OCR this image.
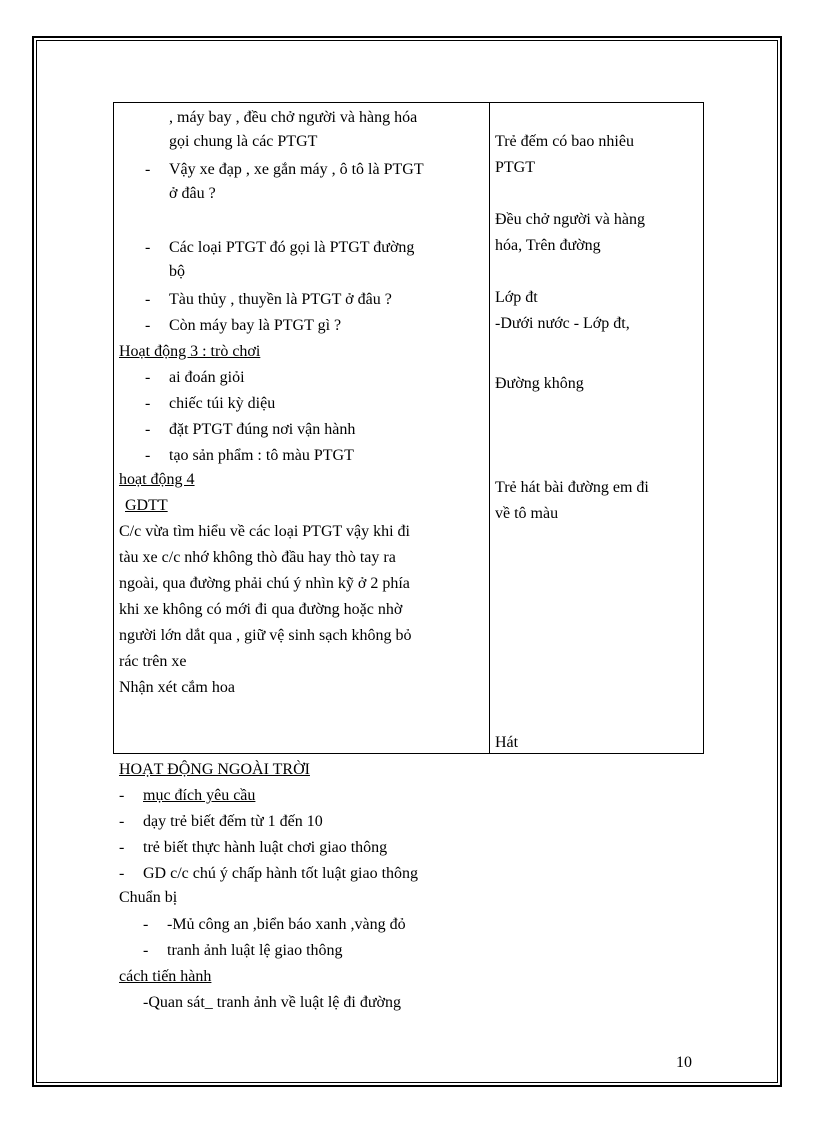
, máy bay , đều chở người và hàng hóa
gọi chung là các PTGT
- Vậy xe đạp , xe gắn máy , ô tô là PTGT
ở đâu ?
- Các loại PTGT đó gọi là PTGT đường
bộ
- Tàu thủy , thuyền là PTGT ở đâu ?
- Còn máy bay là PTGT gì ?
Hoạt động 3 : trò chơi
- ai đoán giỏi
- chiếc túi kỳ diệu
- đặt PTGT đúng nơi vận hành
- tạo sản phẩm : tô màu PTGT
hoạt động 4
GDTT
C/c vừa tìm hiểu về các loại PTGT vậy khi đi
tàu xe c/c nhớ không thò đầu hay thò tay ra
ngoài, qua đường phải chú ý nhìn kỹ ở 2 phía
khi xe không có mới đi qua đường hoặc nhờ
người lớn dắt qua , giữ vệ sinh sạch không bỏ
rác trên xe
Nhận xét cắm hoa
Trẻ đếm có bao nhiêu
PTGT
Đều chở người và hàng
hóa, Trên đường
Lớp đt
-Dưới nước - Lớp đt,
Đường không
Trẻ hát bài đường em đi
về tô màu
Hát
HOẠT ĐỘNG NGOÀI TRỜI
- mục đích yêu cầu
- dạy trẻ biết đếm từ 1 đến 10
- trẻ biết thực hành luật chơi giao thông
- GD c/c chú ý chấp hành tốt luật giao thông
Chuẩn bị
- -Mủ công an ,biển báo xanh ,vàng đỏ
- tranh ảnh luật lệ giao thông
cách tiến hành
-Quan sát_ tranh ảnh về luật lệ đi đường
10
